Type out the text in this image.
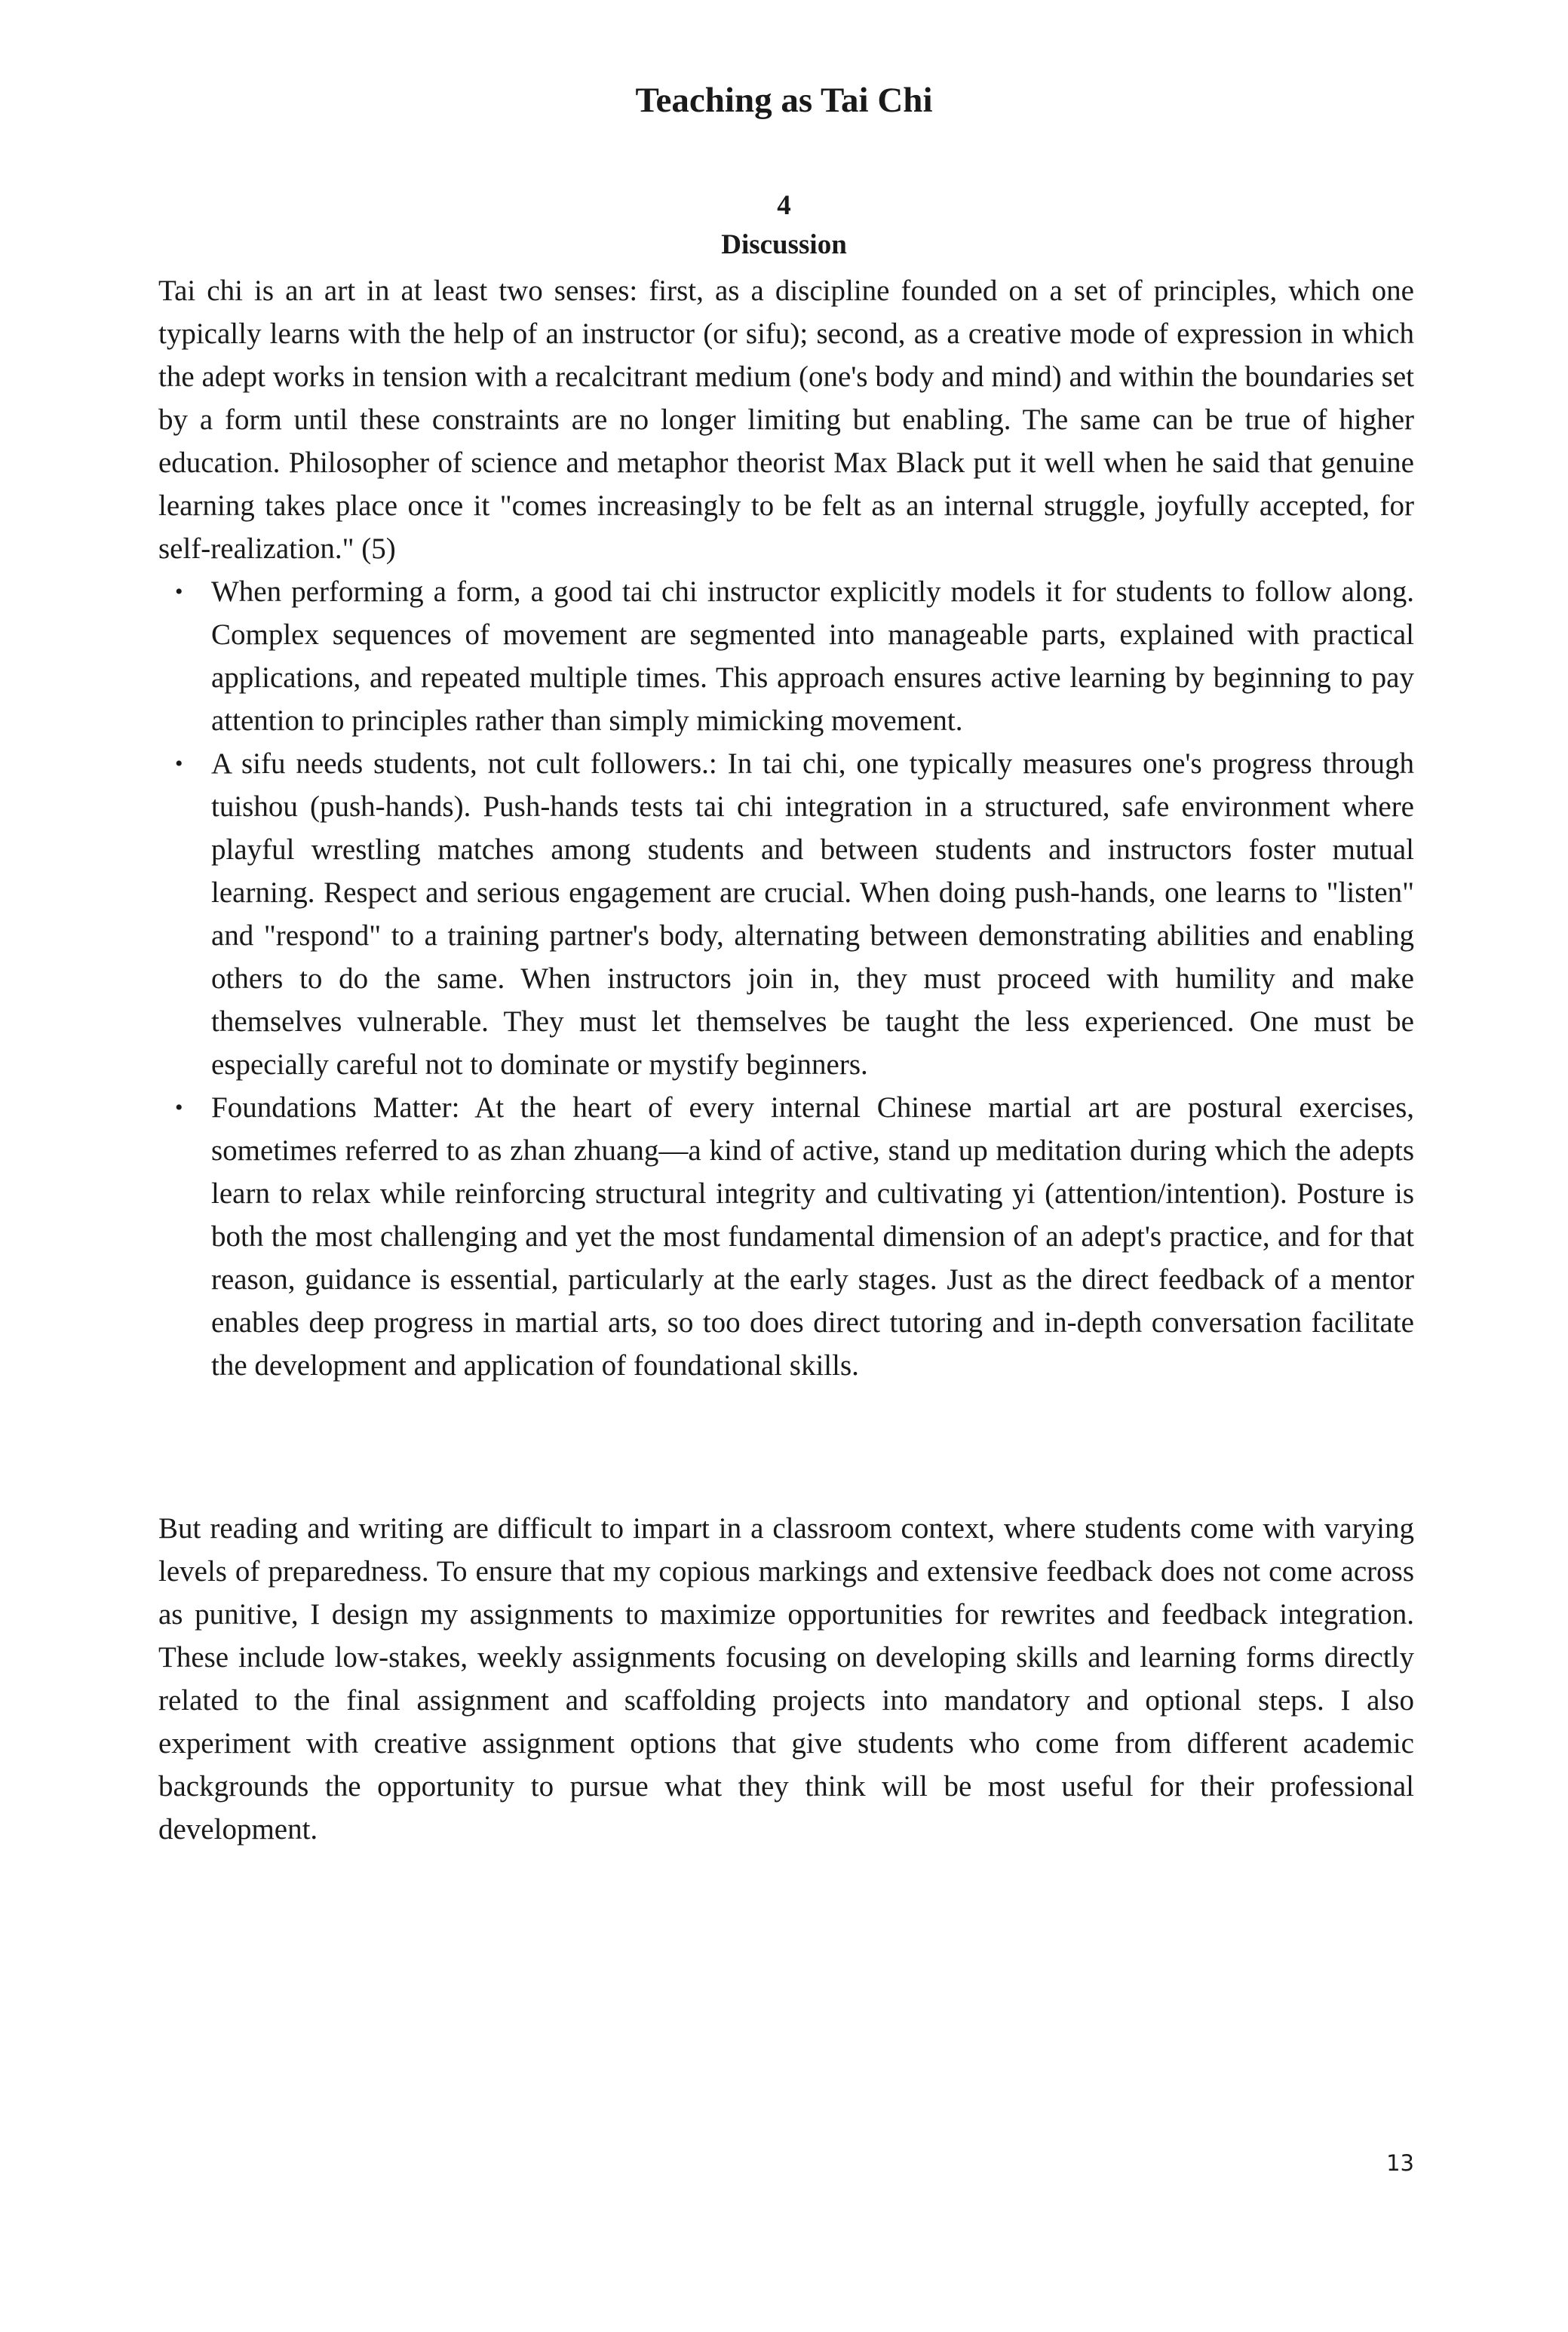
Teaching as Tai Chi
4
Discussion

Tai chi is an art in at least two senses: first, as a discipline founded on a set of principles, which one typically learns with the help of an instructor (or sifu); second, as a creative mode of expression in which the adept works in tension with a recalcitrant medium (one's body and mind) and within the boundaries set by a form until these constraints are no longer limiting but enabling. The same can be true of higher education. Philosopher of science and metaphor theorist Max Black put it well when he said that genuine learning takes place once it "comes increasingly to be felt as an internal struggle, joyfully accepted, for self-realization." (5)

• When performing a form, a good tai chi instructor explicitly models it for students to follow along. Complex sequences of movement are segmented into manageable parts, explained with practical applications, and repeated multiple times. This approach ensures active learning by beginning to pay attention to principles rather than simply mimicking movement.
• A sifu needs students, not cult followers.: In tai chi, one typically measures one's progress through tuishou (push-hands). Push-hands tests tai chi integration in a structured, safe environment where playful wrestling matches among students and between students and instructors foster mutual learning. Respect and serious engagement are crucial. When doing push-hands, one learns to "listen" and "respond" to a training partner's body, alternating between demonstrating abilities and enabling others to do the same. When instructors join in, they must proceed with humility and make themselves vulnerable. They must let themselves be taught the less experienced. One must be especially careful not to dominate or mystify beginners.
• Foundations Matter: At the heart of every internal Chinese martial art are postural exercises, sometimes referred to as zhan zhuang—a kind of active, stand up meditation during which the adepts learn to relax while reinforcing structural integrity and cultivating yi (attention/intention). Posture is both the most challenging and yet the most fundamental dimension of an adept's practice, and for that reason, guidance is essential, particularly at the early stages. Just as the direct feedback of a mentor enables deep progress in martial arts, so too does direct tutoring and in-depth conversation facilitate the development and application of foundational skills.

But reading and writing are difficult to impart in a classroom context, where students come with varying levels of preparedness. To ensure that my copious markings and extensive feedback does not come across as punitive, I design my assignments to maximize opportunities for rewrites and feedback integration. These include low-stakes, weekly assignments focusing on developing skills and learning forms directly related to the final assignment and scaffolding projects into mandatory and optional steps. I also experiment with creative assignment options that give students who come from different academic backgrounds the opportunity to pursue what they think will be most useful for their professional development.

13
